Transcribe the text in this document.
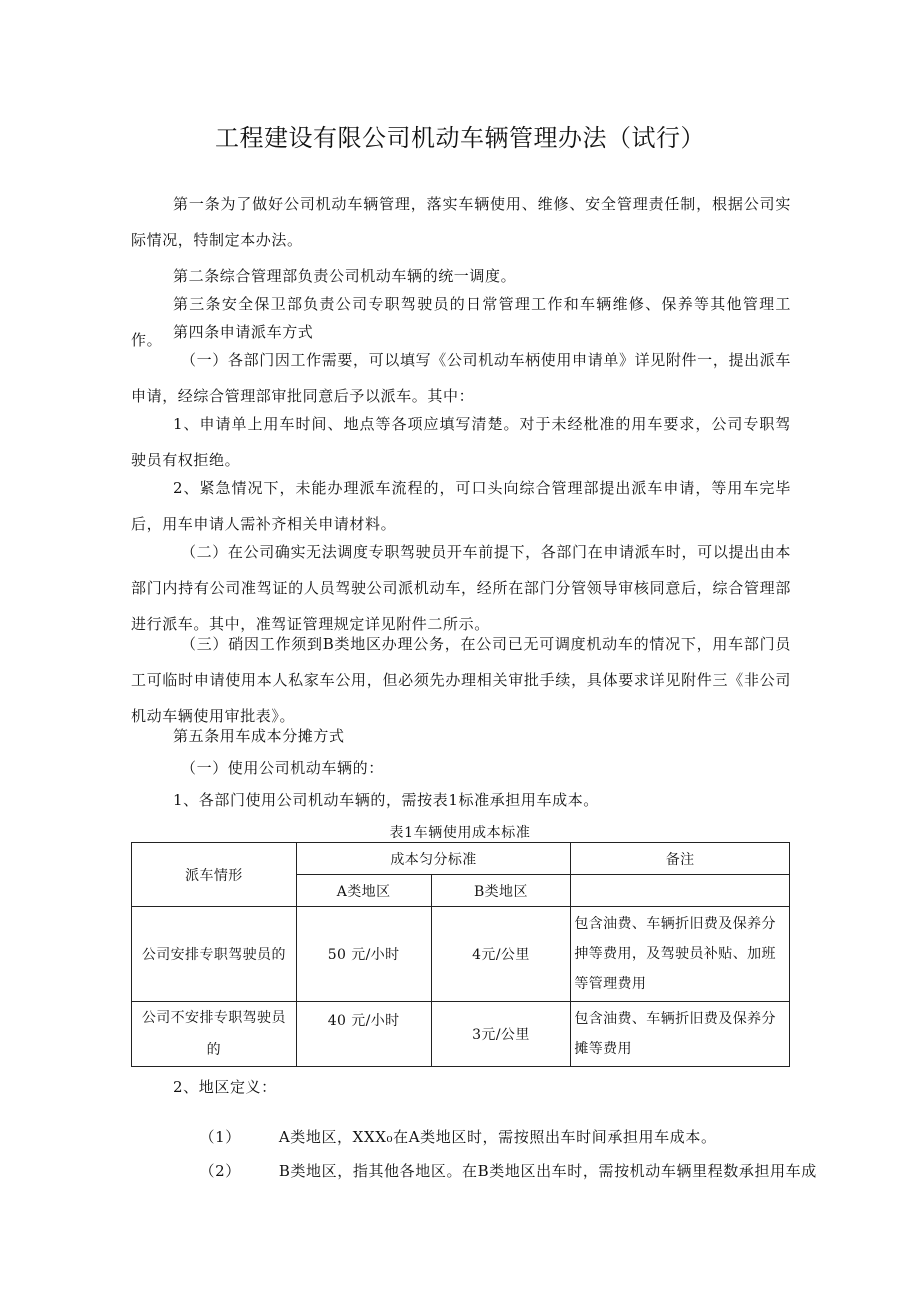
工程建设有限公司机动车辆管理办法（试行）
第一条为了做好公司机动车辆管理，落实车辆使用、维修、安全管理责任制，根据公司实际情况，特制定本办法。
第二条综合管理部负责公司机动车辆的统一调度。
第三条安全保卫部负责公司专职驾驶员的日常管理工作和车辆维修、保养等其他管理工作。 第四条申请派车方式
（一）各部门因工作需要，可以填写《公司机动车柄使用申请单》详见附件一，提出派车申请，经综合管理部审批同意后予以派车。其中：
1、申请单上用车时间、地点等各项应填写清楚。对于未经枇准的用车要求，公司专职驾驶员有权拒绝。
2、紧急情况下，未能办理派车流程的，可口头向综合管理部提出派车申请，等用车完毕后，用车申请人需补齐相关申请材料。
（二）在公司确实无法调度专职驾驶员开车前提下，各部门在申请派车时，可以提出由本部门内持有公司准驾证的人员驾驶公司派机动车，经所在部门分管领导审核同意后，综合管理部进行派车。其中，准驾证管理规定详见附件二所示。
（三）硝因工作须到B类地区办理公务，在公司已无可调度机动车的情况下，用车部门员工可临时申请使用本人私家车公用，但必须先办理相关审批手续，具体要求详见附件三《非公司机动车辆使用审批表》。
第五条用车成本分摊方式
（一）使用公司机动车辆的：
1、各部门使用公司机动车辆的，需按表1标准承担用车成本。
表1车辆使用成本标准
派车情形	成本匀分标准		备注
	A类地区	B类地区	
公司安排专职驾驶员的	50 元/小时	4元/公里	包含油费、车辆折旧费及保养分抻等费用，及驾驶员补贴、加班等管理费用
公司不安排专职驾驶员的	40 元/小时	3元/公里	包含油费、车辆折旧费及保养分摊等费用
2、地区定义：

（1）	A类地区，XXX₀在A类地区时，需按照出车时间承担用车成本。

（2）	B类地区，指其他各地区。在B类地区出车时，需按机动车辆里程数承担用车成
